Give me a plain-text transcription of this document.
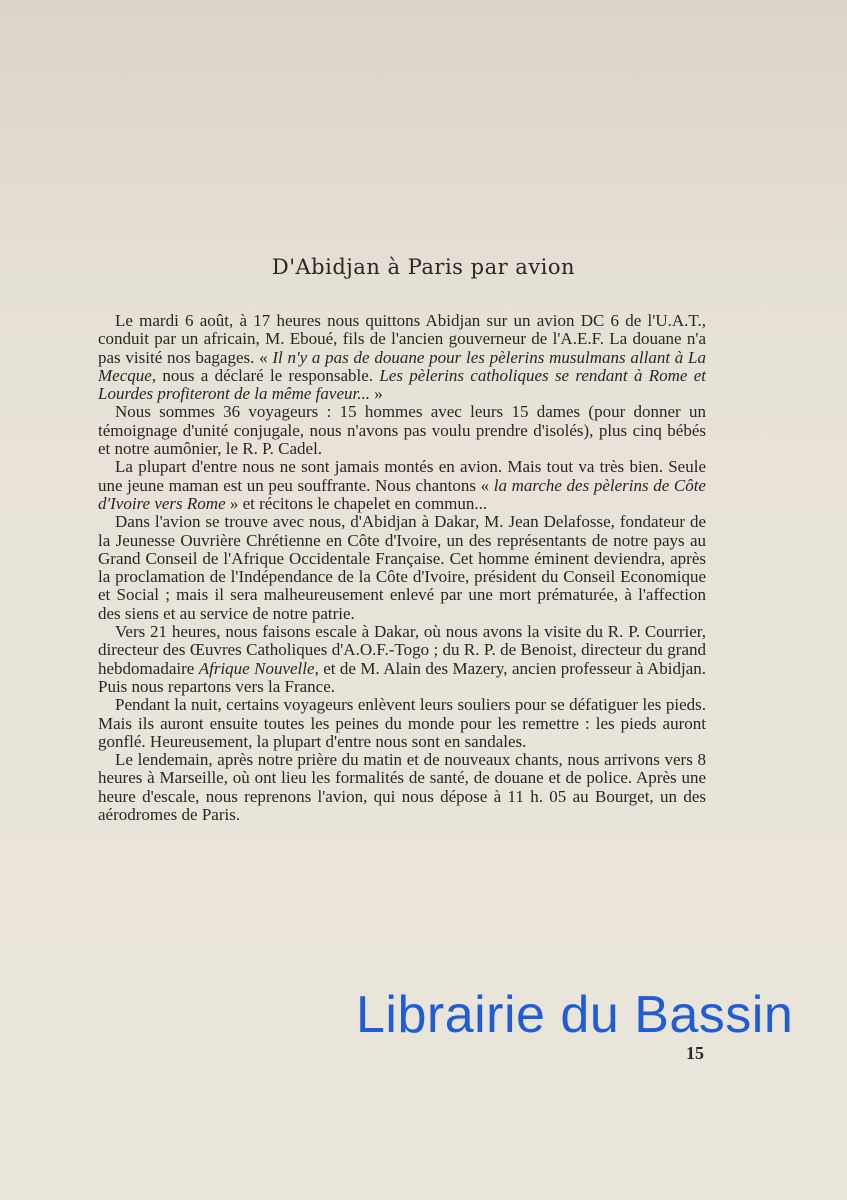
D'Abidjan à Paris par avion

Le mardi 6 août, à 17 heures nous quittons Abidjan sur un avion DC 6 de l'U.A.T., conduit par un africain, M. Eboué, fils de l'ancien gouverneur de l'A.E.F. La douane n'a pas visité nos bagages. « Il n'y a pas de douane pour les pèlerins musulmans allant à La Mecque, nous a déclaré le responsable. Les pèlerins catholiques se rendant à Rome et Lourdes profiteront de la même faveur... »

Nous sommes 36 voyageurs : 15 hommes avec leurs 15 dames (pour donner un témoignage d'unité conjugale, nous n'avons pas voulu prendre d'isolés), plus cinq bébés et notre aumônier, le R. P. Cadel.

La plupart d'entre nous ne sont jamais montés en avion. Mais tout va très bien. Seule une jeune maman est un peu souffrante. Nous chantons « la marche des pèlerins de Côte d'Ivoire vers Rome » et récitons le chapelet en commun...

Dans l'avion se trouve avec nous, d'Abidjan à Dakar, M. Jean Delafosse, fondateur de la Jeunesse Ouvrière Chrétienne en Côte d'Ivoire, un des représentants de notre pays au Grand Conseil de l'Afrique Occidentale Française. Cet homme éminent deviendra, après la proclamation de l'Indépendance de la Côte d'Ivoire, président du Conseil Economique et Social ; mais il sera malheureusement enlevé par une mort prématurée, à l'affection des siens et au service de notre patrie.

Vers 21 heures, nous faisons escale à Dakar, où nous avons la visite du R. P. Courrier, directeur des Œuvres Catholiques d'A.O.F.-Togo ; du R. P. de Benoist, directeur du grand hebdomadaire Afrique Nouvelle, et de M. Alain des Mazery, ancien professeur à Abidjan. Puis nous repartons vers la France.

Pendant la nuit, certains voyageurs enlèvent leurs souliers pour se défatiguer les pieds. Mais ils auront ensuite toutes les peines du monde pour les remettre : les pieds auront gonflé. Heureusement, la plupart d'entre nous sont en sandales.

Le lendemain, après notre prière du matin et de nouveaux chants, nous arrivons vers 8 heures à Marseille, où ont lieu les formalités de santé, de douane et de police. Après une heure d'escale, nous reprenons l'avion, qui nous dépose à 11 h. 05 au Bourget, un des aérodromes de Paris.

15
Librairie du Bassin
